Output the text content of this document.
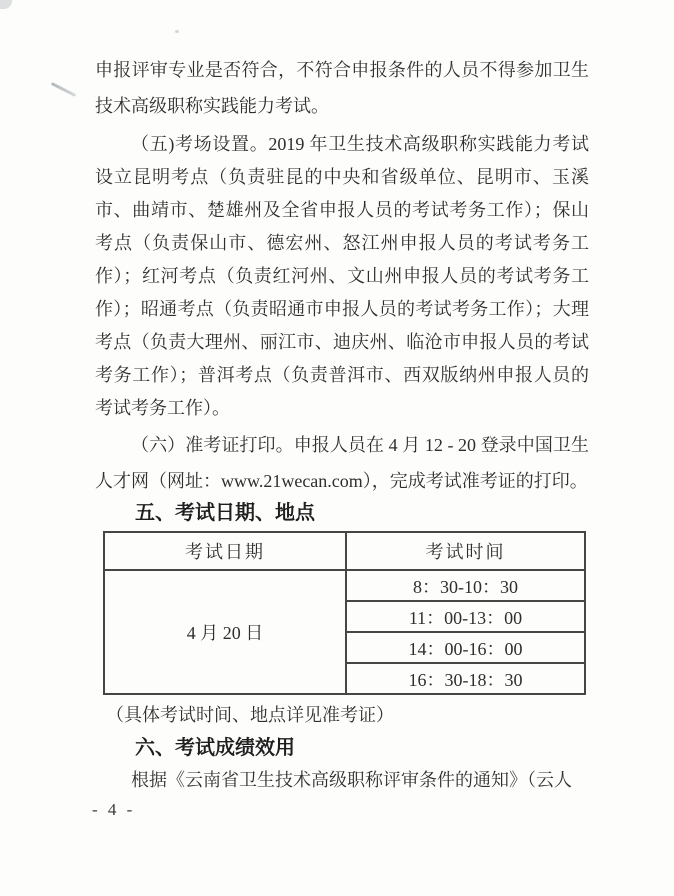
申报评审专业是否符合，不符合申报条件的人员不得参加卫生技术高级职称实践能力考试。

（五)考场设置。2019 年卫生技术高级职称实践能力考试设立昆明考点（负责驻昆的中央和省级单位、昆明市、玉溪市、曲靖市、楚雄州及全省申报人员的考试考务工作）；保山考点（负责保山市、德宏州、怒江州申报人员的考试考务工作）；红河考点（负责红河州、文山州申报人员的考试考务工作）；昭通考点（负责昭通市申报人员的考试考务工作）；大理考点（负责大理州、丽江市、迪庆州、临沧市申报人员的考试考务工作）；普洱考点（负责普洱市、西双版纳州申报人员的考试考务工作）。

（六）准考证打印。申报人员在 4 月 12 - 20 登录中国卫生人才网（网址：www.21wecan.com），完成考试准考证的打印。

五、考试日期、地点
考试日期	考试时间
4 月 20 日	8：30-10：30
	11：00-13：00
	14：00-16：00
	16：30-18：30

（具体考试时间、地点详见准考证）

六、考试成绩效用

根据《云南省卫生技术高级职称评审条件的通知》（云人

- 4 -
